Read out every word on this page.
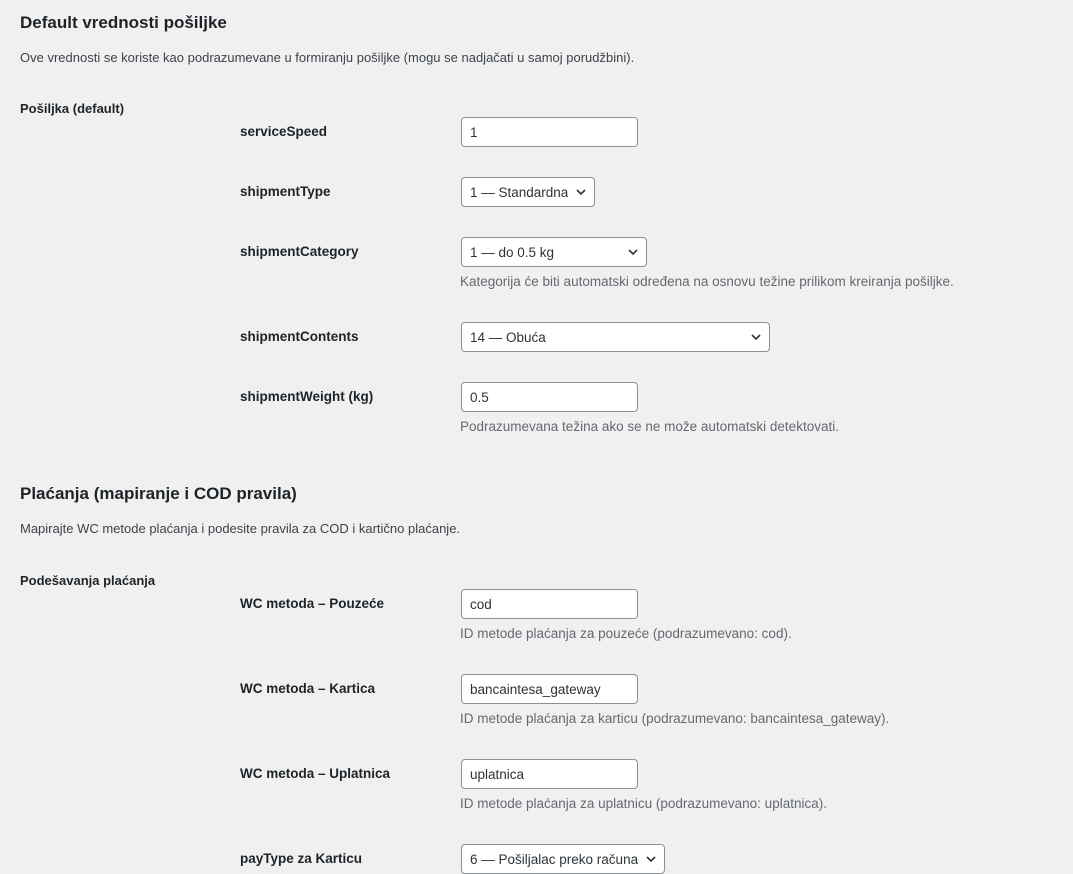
Default vrednosti pošiljke

Ove vrednosti se koriste kao podrazumevane u formiranju pošiljke (mogu se nadjačati u samoj porudžbini).

Pošiljka (default)
serviceSpeed	1
shipmentType	1 — Standardna
shipmentCategory	1 — do 0.5 kg
Kategorija će biti automatski određena na osnovu težine prilikom kreiranja pošiljke.
shipmentContents	14 — Obuća
shipmentWeight (kg)	0.5
Podrazumevana težina ako se ne može automatski detektovati.
Plaćanja (mapiranje i COD pravila)

Mapirajte WC metode plaćanja i podesite pravila za COD i kartično plaćanje.

Podešavanja plaćanja
WC metoda – Pouzeće	cod
ID metode plaćanja za pouzeće (podrazumevano: cod).
WC metoda – Kartica	bancaintesa_gateway
ID metode plaćanja za karticu (podrazumevano: bancaintesa_gateway).
WC metoda – Uplatnica	uplatnica
ID metode plaćanja za uplatnicu (podrazumevano: uplatnica).
payType za Karticu	6 — Pošiljalac preko računa
